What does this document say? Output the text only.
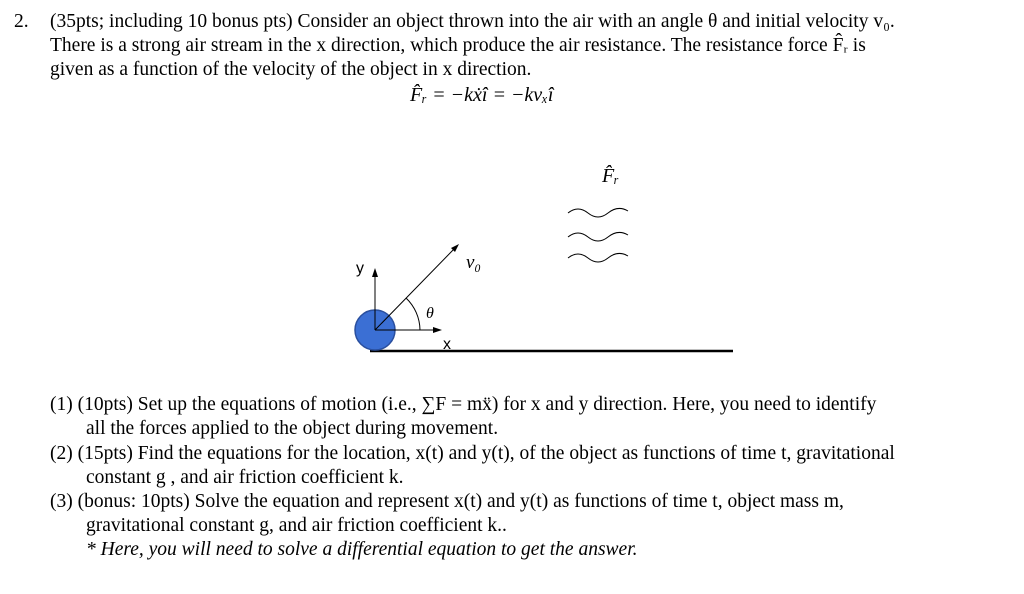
2. (35pts; including 10 bonus pts) Consider an object thrown into the air with an angle θ and initial velocity v₀.
There is a strong air stream in the x direction, which produce the air resistance. The resistance force F̂ᵣ is
given as a function of the velocity of the object in x direction.
F̂ᵣ = −kẋî = −kvₓî
F̂ᵣ
v₀
θ
y
x
(1) (10pts) Set up the equations of motion (i.e., ∑F = mẍ) for x and y direction. Here, you need to identify
all the forces applied to the object during movement.
(2) (15pts) Find the equations for the location, x(t) and y(t), of the object as functions of time t, gravitational
constant g , and air friction coefficient k.
(3) (bonus: 10pts) Solve the equation and represent x(t) and y(t) as functions of time t, object mass m,
gravitational constant g, and air friction coefficient k..
* Here, you will need to solve a differential equation to get the answer.
